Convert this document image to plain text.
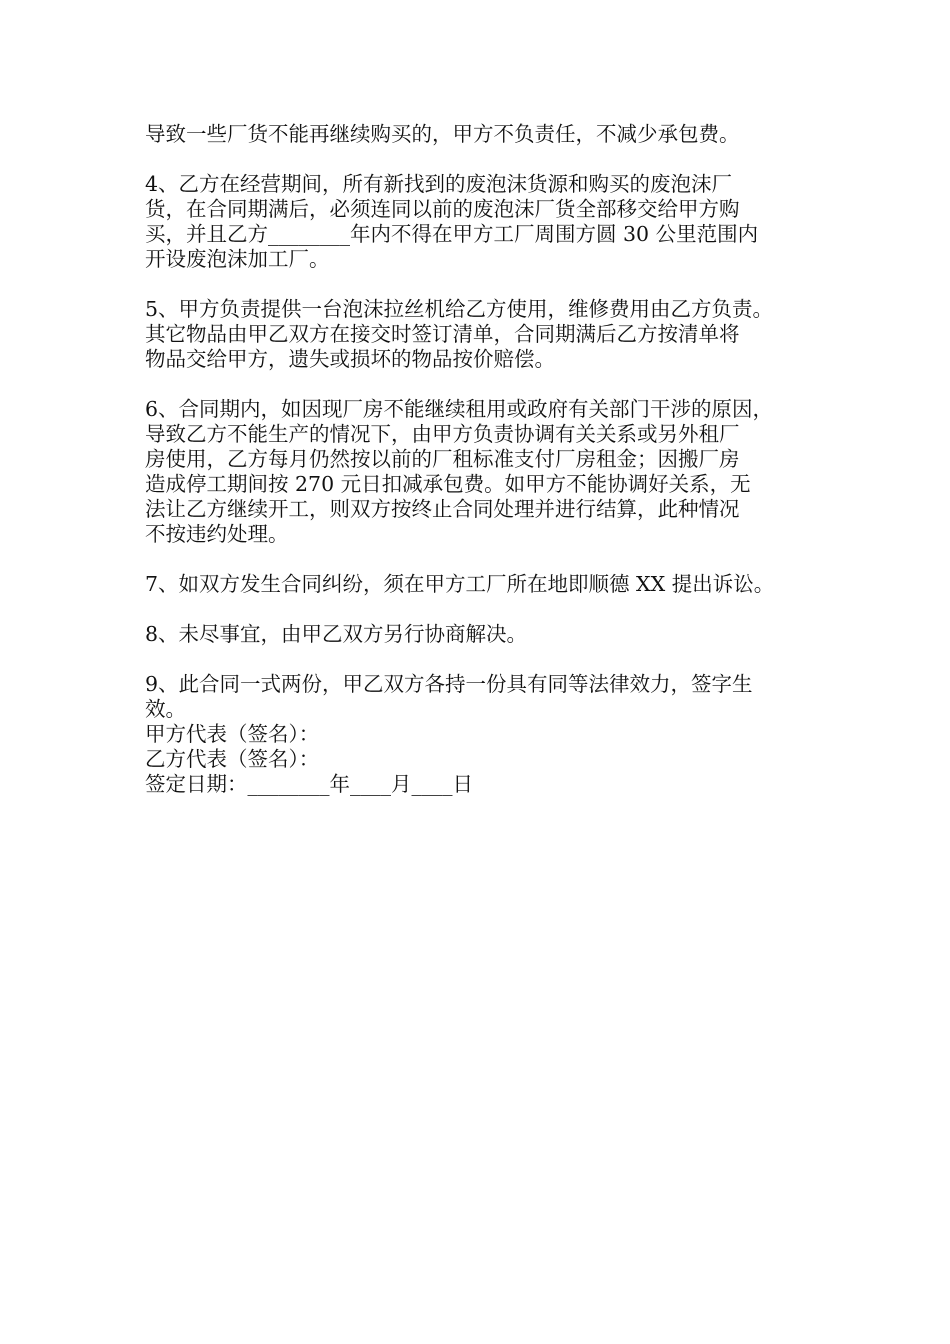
导致一些厂货不能再继续购买的，甲方不负责任，不减少承包费。

4、乙方在经营期间，所有新找到的废泡沫货源和购买的废泡沫厂
货，在合同期满后，必须连同以前的废泡沫厂货全部移交给甲方购
买，并且乙方________年内不得在甲方工厂周围方圆 30 公里范围内
开设废泡沫加工厂。

5、甲方负责提供一台泡沫拉丝机给乙方使用，维修费用由乙方负责。
其它物品由甲乙双方在接交时签订清单，合同期满后乙方按清单将
物品交给甲方，遗失或损坏的物品按价赔偿。

6、合同期内，如因现厂房不能继续租用或政府有关部门干涉的原因，
导致乙方不能生产的情况下，由甲方负责协调有关关系或另外租厂
房使用，乙方每月仍然按以前的厂租标准支付厂房租金；因搬厂房
造成停工期间按 270 元日扣减承包费。如甲方不能协调好关系，无
法让乙方继续开工，则双方按终止合同处理并进行结算，此种情况
不按违约处理。

7、如双方发生合同纠纷，须在甲方工厂所在地即顺德 XX 提出诉讼。

8、未尽事宜，由甲乙双方另行协商解决。

9、此合同一式两份，甲乙双方各持一份具有同等法律效力，签字生
效。

甲方代表（签名）：
乙方代表（签名）：
签定日期：________年____月____日
